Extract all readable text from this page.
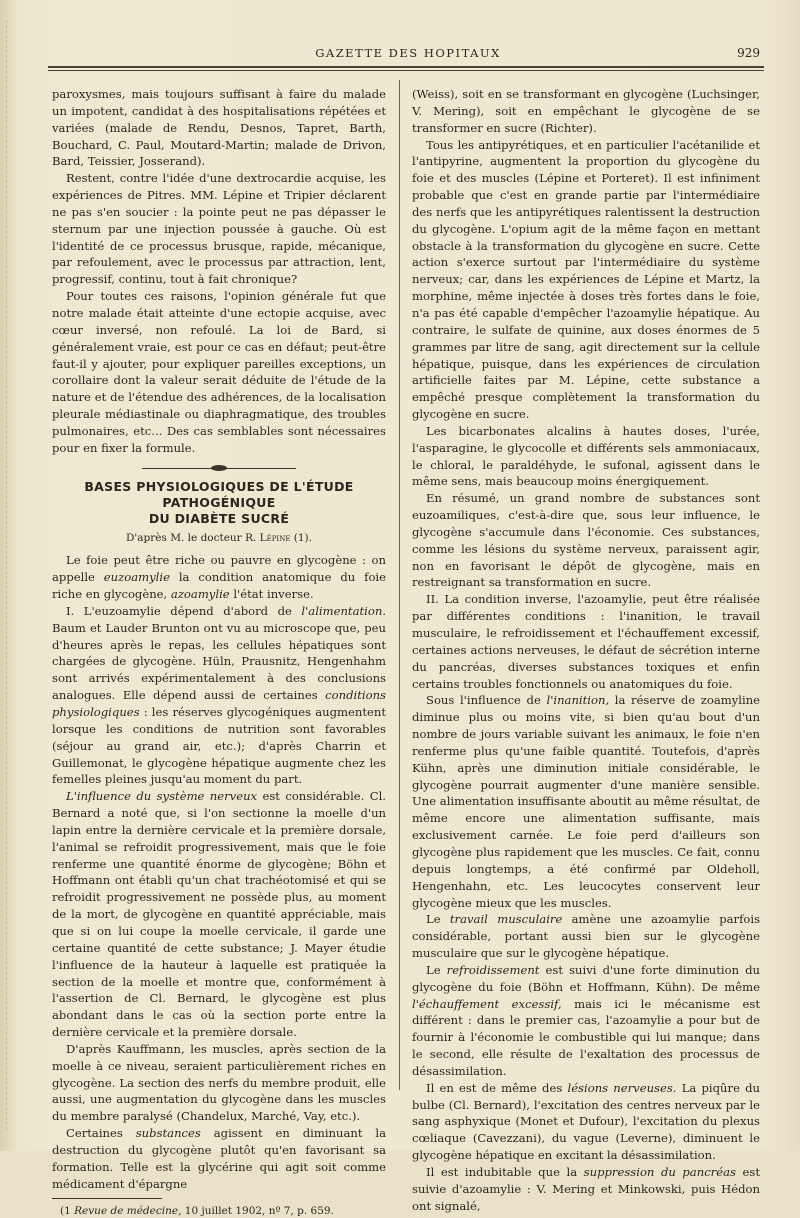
GAZETTE DES HOPITAUX	929

paroxysmes, mais toujours suffisant à faire du malade un impotent, candidat à des hospitalisations répétées et variées (malade de Rendu, Desnos, Tapret, Barth, Bouchard, C. Paul, Moutard-Martin; malade de Drivon, Bard, Teissier, Josserand).

Restent, contre l'idée d'une dextrocardie acquise, les expériences de Pitres. MM. Lépine et Tripier déclarent ne pas s'en soucier : la pointe peut ne pas dépasser le sternum par une injection poussée à gauche. Où est l'identité de ce processus brusque, rapide, mécanique, par refoulement, avec le processus par attraction, lent, progressif, continu, tout à fait chronique?

Pour toutes ces raisons, l'opinion générale fut que notre malade était atteinte d'une ectopie acquise, avec cœur inversé, non refoulé. La loi de Bard, si généralement vraie, est pour ce cas en défaut; peut-être faut-il y ajouter, pour expliquer pareilles exceptions, un corollaire dont la valeur serait déduite de l'étude de la nature et de l'étendue des adhérences, de la localisation pleurale médiastinale ou diaphragmatique, des troubles pulmonaires, etc... Des cas semblables sont nécessaires pour en fixer la formule.

BASES PHYSIOLOGIQUES DE L'ÉTUDE PATHOGÉNIQUE
DU DIABÈTE SUCRÉ
D'après M. le docteur R. Lépine (1).

Le foie peut être riche ou pauvre en glycogène : on appelle euzoamylie la condition anatomique du foie riche en glycogène, azoamylie l'état inverse.

I. L'euzoamylie dépend d'abord de l'alimentation. Baum et Lauder Brunton ont vu au microscope que, peu d'heures après le repas, les cellules hépatiques sont chargées de glycogène. Hüln, Prausnitz, Hengenhahm sont arrivés expérimentalement à des conclusions analogues. Elle dépend aussi de certaines conditions physiologiques : les réserves glycogéniques augmentent lorsque les conditions de nutrition sont favorables (séjour au grand air, etc.); d'après Charrin et Guillemonat, le glycogène hépatique augmente chez les femelles pleines jusqu'au moment du part.

L'influence du système nerveux est considérable. Cl. Bernard a noté que, si l'on sectionne la moelle d'un lapin entre la dernière cervicale et la première dorsale, l'animal se refroidit progressivement, mais que le foie renferme une quantité énorme de glycogène; Böhn et Hoffmann ont établi qu'un chat trachéotomisé et qui se refroidit progressivement ne possède plus, au moment de la mort, de glycogène en quantité appréciable, mais que si on lui coupe la moelle cervicale, il garde une certaine quantité de cette substance; J. Mayer étudie l'influence de la hauteur à laquelle est pratiquée la section de la moelle et montre que, conformément à l'assertion de Cl. Bernard, le glycogène est plus abondant dans le cas où la section porte entre la dernière cervicale et la première dorsale.

D'après Kauffmann, les muscles, après section de la moelle à ce niveau, seraient particulièrement riches en glycogène. La section des nerfs du membre produit, elle aussi, une augmentation du glycogène dans les muscles du membre paralysé (Chandelux, Marché, Vay, etc.).

Certaines substances agissent en diminuant la destruction du glycogène plutôt qu'en favorisant sa formation. Telle est la glycérine qui agit soit comme médicament d'épargne

(1 Revue de médecine, 10 juillet 1902, nº 7, p. 659.

(Weiss), soit en se transformant en glycogène (Luchsinger, V. Mering), soit en empêchant le glycogène de se transformer en sucre (Richter).

Tous les antipyrétiques, et en particulier l'acétanilide et l'antipyrine, augmentent la proportion du glycogène du foie et des muscles (Lépine et Porteret). Il est infiniment probable que c'est en grande partie par l'intermédiaire des nerfs que les antipyrétiques ralentissent la destruction du glycogène. L'opium agit de la même façon en mettant obstacle à la transformation du glycogène en sucre. Cette action s'exerce surtout par l'intermédiaire du système nerveux; car, dans les expériences de Lépine et Martz, la morphine, même injectée à doses très fortes dans le foie, n'a pas été capable d'empêcher l'azoamylie hépatique. Au contraire, le sulfate de quinine, aux doses énormes de 5 grammes par litre de sang, agit directement sur la cellule hépatique, puisque, dans les expériences de circulation artificielle faites par M. Lépine, cette substance a empêché presque complètement la transformation du glycogène en sucre.

Les bicarbonates alcalins à hautes doses, l'urée, l'asparagine, le glycocolle et différents sels ammoniacaux, le chloral, le paraldéhyde, le sufonal, agissent dans le même sens, mais beaucoup moins énergiquement.

En résumé, un grand nombre de substances sont euzoamiliques, c'est-à-dire que, sous leur influence, le glycogène s'accumule dans l'économie. Ces substances, comme les lésions du système nerveux, paraissent agir, non en favorisant le dépôt de glycogène, mais en restreignant sa transformation en sucre.

II. La condition inverse, l'azoamylie, peut être réalisée par différentes conditions : l'inanition, le travail musculaire, le refroidissement et l'échauffement excessif, certaines actions nerveuses, le défaut de sécrétion interne du pancréas, diverses substances toxiques et enfin certains troubles fonctionnels ou anatomiques du foie.

Sous l'influence de l'inanition, la réserve de zoamyline diminue plus ou moins vite, si bien qu'au bout d'un nombre de jours variable suivant les animaux, le foie n'en renferme plus qu'une faible quantité. Toutefois, d'après Kühn, après une diminution initiale considérable, le glycogène pourrait augmenter d'une manière sensible. Une alimentation insuffisante aboutit au même résultat, de même encore une alimentation suffisante, mais exclusivement carnée. Le foie perd d'ailleurs son glycogène plus rapidement que les muscles. Ce fait, connu depuis longtemps, a été confirmé par Oldeholl, Hengenhahn, etc. Les leucocytes conservent leur glycogène mieux que les muscles.

Le travail musculaire amène une azoamylie parfois considérable, portant aussi bien sur le glycogène musculaire que sur le glycogène hépatique.

Le refroidissement est suivi d'une forte diminution du glycogène du foie (Böhn et Hoffmann, Kühn). De même l'échauffement excessif, mais ici le mécanisme est différent : dans le premier cas, l'azoamylie a pour but de fournir à l'économie le combustible qui lui manque; dans le second, elle résulte de l'exaltation des processus de désassimilation.

Il en est de même des lésions nerveuses. La piqûre du bulbe (Cl. Bernard), l'excitation des centres nerveux par le sang asphyxique (Monet et Dufour), l'excitation du plexus cœliaque (Cavezzani), du vague (Leverne), diminuent le glycogène hépatique en excitant la désassimilation.

Il est indubitable que la suppression du pancréas est suivie d'azoamylie : V. Mering et Minkowski, puis Hédon ont signalé,
